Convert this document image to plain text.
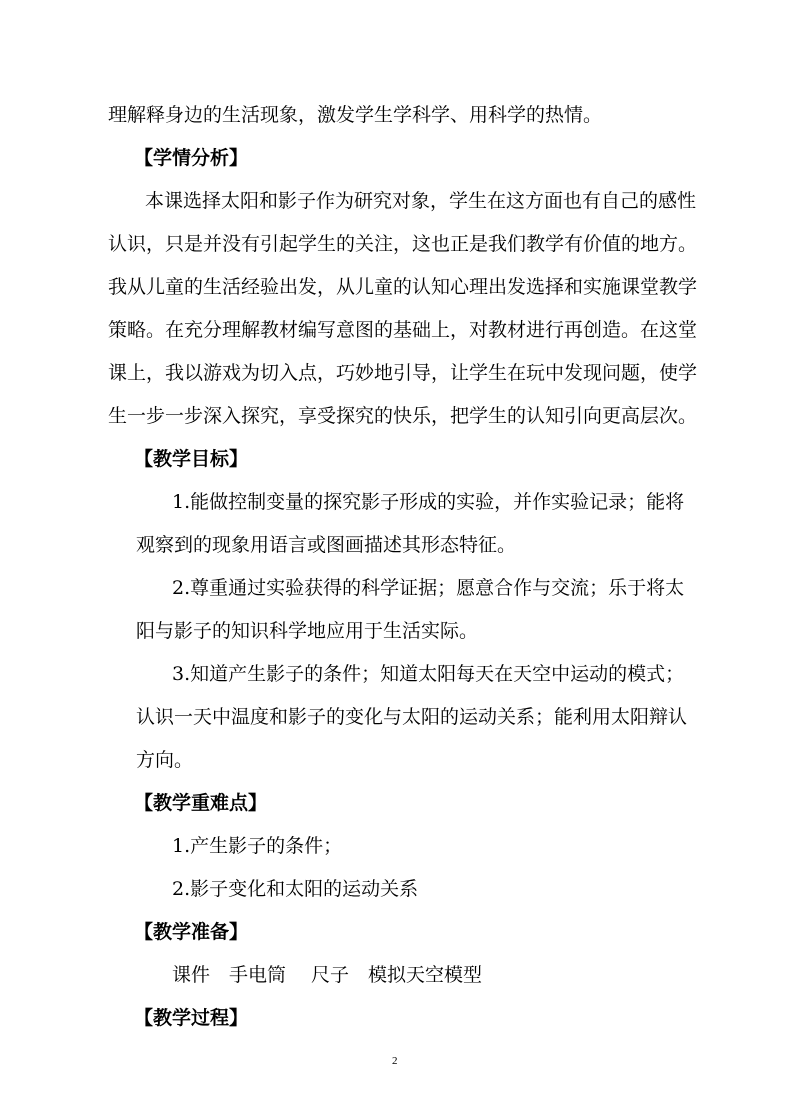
理解释身边的生活现象，激发学生学科学、用科学的热情。
【学情分析】
本课选择太阳和影子作为研究对象，学生在这方面也有自己的感性
认识，只是并没有引起学生的关注，这也正是我们教学有价值的地方。
我从儿童的生活经验出发，从儿童的认知心理出发选择和实施课堂教学
策略。在充分理解教材编写意图的基础上，对教材进行再创造。在这堂
课上，我以游戏为切入点，巧妙地引导，让学生在玩中发现问题，使学
生一步一步深入探究，享受探究的快乐，把学生的认知引向更高层次。
【教学目标】
1.能做控制变量的探究影子形成的实验，并作实验记录；能将
观察到的现象用语言或图画描述其形态特征。
2.尊重通过实验获得的科学证据；愿意合作与交流；乐于将太
阳与影子的知识科学地应用于生活实际。
3.知道产生影子的条件；知道太阳每天在天空中运动的模式；
认识一天中温度和影子的变化与太阳的运动关系；能利用太阳辩认
方向。
【教学重难点】
1.产生影子的条件；
2.影子变化和太阳的运动关系
【教学准备】
课件 手电筒 尺子 模拟天空模型
【教学过程】
2
